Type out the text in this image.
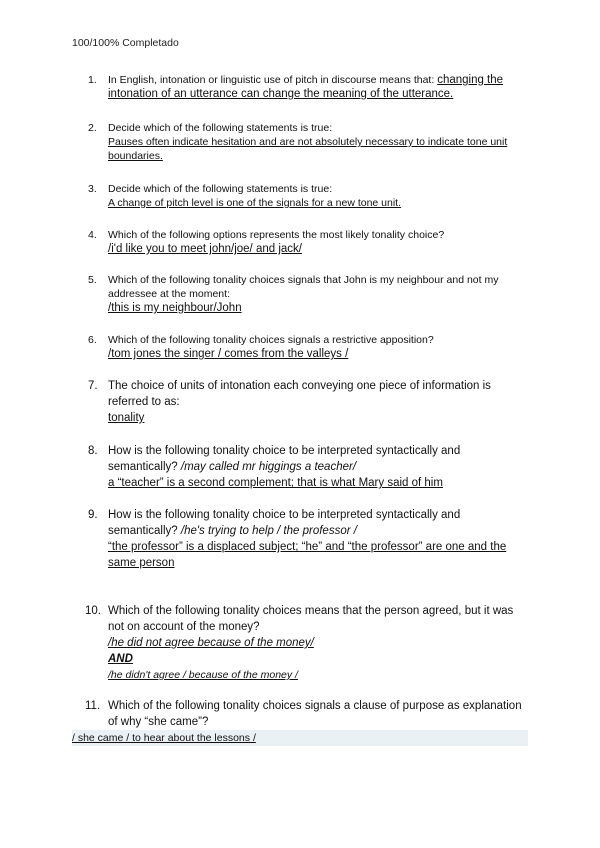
100/100% Completado
1.	In English, intonation or linguistic use of pitch in discourse means that: changing the intonation of an utterance can change the meaning of the utterance.
2.	Decide which of the following statements is true:
Pauses often indicate hesitation and are not absolutely necessary to indicate tone unit boundaries.
3.	Decide which of the following statements is true:
A change of pitch level is one of the signals for a new tone unit.
4.	Which of the following options represents the most likely tonality choice?
/i'd like you to meet john/joe/ and jack/
5.	Which of the following tonality choices signals that John is my neighbour and not my addressee at the moment:
/this is my neighbour/John
6.	Which of the following tonality choices signals a restrictive apposition?
/tom jones the singer / comes from the valleys /
7. The choice of units of intonation each conveying one piece of information is referred to as:
tonality
8. How is the following tonality choice to be interpreted syntactically and semantically? /may called mr higgings a teacher/
a “teacher” is a second complement; that is what Mary said of him
9. How is the following tonality choice to be interpreted syntactically and semantically? /he's trying to help / the professor /
“the professor” is a displaced subject; “he” and “the professor” are one and the same person
10. Which of the following tonality choices means that the person agreed, but it was not on account of the money?
/he did not agree because of the money/
AND
/he didn't agree / because of the money /
11. Which of the following tonality choices signals a clause of purpose as explanation of why “she came”?
/ she came / to hear about the lessons /
